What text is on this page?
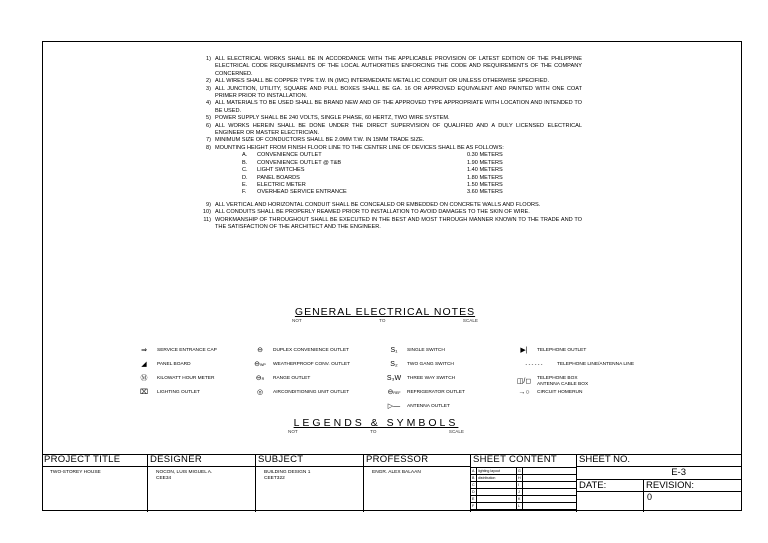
1) ALL ELECTRICAL WORKS SHALL BE IN ACCORDANCE WITH THE APPLICABLE PROVISION OF LATEST EDITION OF THE PHILIPPINE ELECTRICAL CODE REQUIREMENTS OF THE LOCAL AUTHORITIES ENFORCING THE CODE AND REQUIREMENTS OF THE COMPANY CONCERNED.
2) ALL WIRES SHALL BE COPPER TYPE T.W. IN (IMC) INTERMEDIATE METALLIC CONDUIT OR UNLESS OTHERWISE SPECIFIED.
3) ALL JUNCTION, UTILITY, SQUARE AND PULL BOXES SHALL BE GA. 16 OR APPROVED EQUIVALENT AND PAINTED WITH ONE COAT PRIMER PRIOR TO INSTALLATION.
4) ALL MATERIALS TO BE USED SHALL BE BRAND NEW AND OF THE APPROVED TYPE APPROPRIATE WITH LOCATION AND INTENDED TO BE USED.
5) POWER SUPPLY SHALL BE 240 VOLTS, SINGLE PHASE, 60 HERTZ, TWO WIRE SYSTEM.
6) ALL WORKS HEREIN SHALL BE DONE UNDER THE DIRECT SUPERVISION OF QUALIFIED AND A DULY LICENSED ELECTRICAL ENGINEER OR MASTER ELECTRICIAN.
7) MINIMUM SIZE OF CONDUCTORS SHALL BE 2.0MM T.W. IN 15MM TRADE SIZE.
8) MOUNTING HEIGHT FROM FINISH FLOOR LINE TO THE CENTER LINE OF DEVICES SHALL BE AS FOLLOWS:
A.	CONVENIENCE OUTLET	0.30 METERS
B.	CONVENIENCE OUTLET @ T&B	1.90 METERS
C.	LIGHT SWITCHES	1.40 METERS
D.	PANEL BOARDS	1.80 METERS
E.	ELECTRIC METER	1.50 METERS
F.	OVERHEAD SERVICE ENTRANCE	3.60 METERS
9) ALL VERTICAL AND HORIZONTAL CONDUIT SHALL BE CONCEALED OR EMBEDDED ON CONCRETE WALLS AND FLOORS.
10) ALL CONDUITS SHALL BE PROPERLY REAMED PRIOR TO INSTALLATION TO AVOID DAMAGES TO THE SKIN OF WIRE.
11) WORKMANSHIP OF THROUGHOUT SHALL BE EXECUTED IN THE BEST AND MOST THROUGH MANNER KNOWN TO THE TRADE AND TO THE SATISFACTION OF THE ARCHITECT AND THE ENGINEER.
GENERAL ELECTRICAL NOTES
NOT	TO	SCALE
⇒	SERVICE ENTRANCE CAP
◢	PANEL BOARD
Ⓜ	KILOWATT HOUR METER
⌧	LIGHTING OUTLET
⊖	DUPLEX CONVENIENCE OUTLET
⊖ WP	WEATHERPROOF CONV. OUTLET
⊖ R	RANGE OUTLET
◎	AIRCONDITIONING UNIT OUTLET
S₁	SINGLE SWITCH
S₂	TWO GANG SWITCH
S₃W	THREE WAY SWITCH
⊖ REF	REFRIGERATOR OUTLET
▷—	ANTENNA OUTLET
▶|	TELEPHONE OUTLET
- - - - - -	TELEPHONE LINE/ANTENNA LINE
◫/◻	TELEPHONE BOX
ANTENNA CABLE BOX
→○	CIRCUIT HOMERUN
LEGENDS & SYMBOLS
NOT	TO	SCALE
PROJECT TITLE
TWO-STOREY HOUSE
DESIGNER
NOCON, LUIS MIGUEL A.
CEE34
SUBJECT
BUILDING DESIGN 1
CEET322
PROFESSOR
ENGR. ALEX BALAAN
SHEET CONTENT
A lighting layout	G
B distribution	H
C	I
D	J
E	K
F	L
SHEET NO.
E-3
DATE:	REVISION:
0
